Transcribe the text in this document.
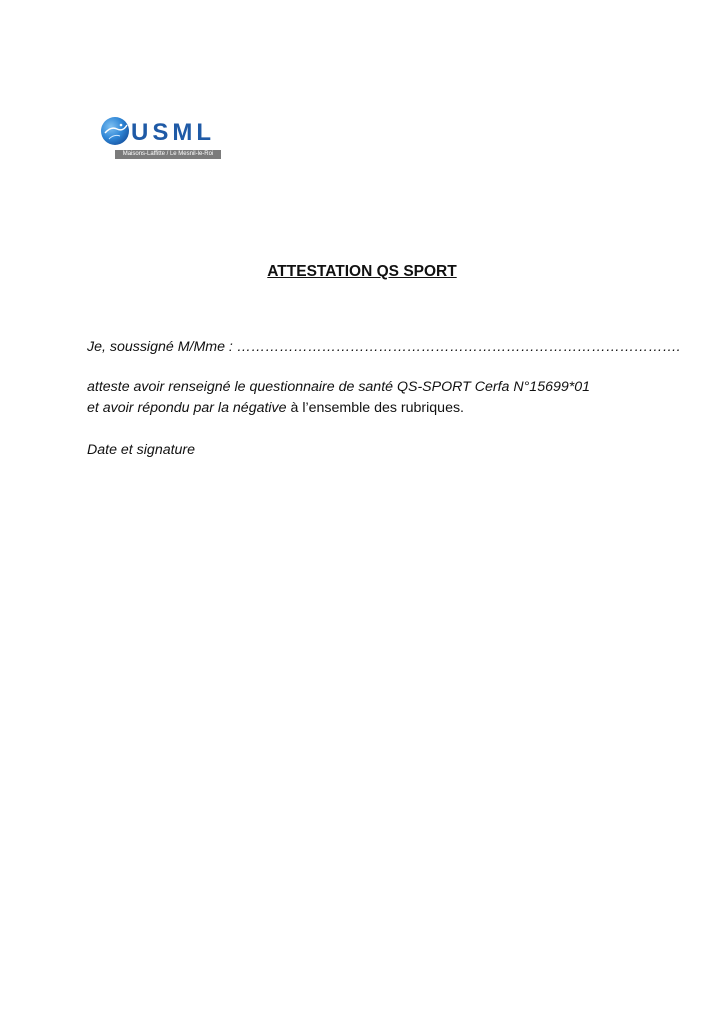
USML
Maisons-Laffitte / Le Mesnil-le-Roi
ATTESTATION QS SPORT

Je, soussigné M/Mme : ………………………………………………………………………………….

atteste avoir renseigné le questionnaire de santé QS-SPORT Cerfa N°15699*01

et avoir répondu par la négative à l’ensemble des rubriques.

Date et signature
